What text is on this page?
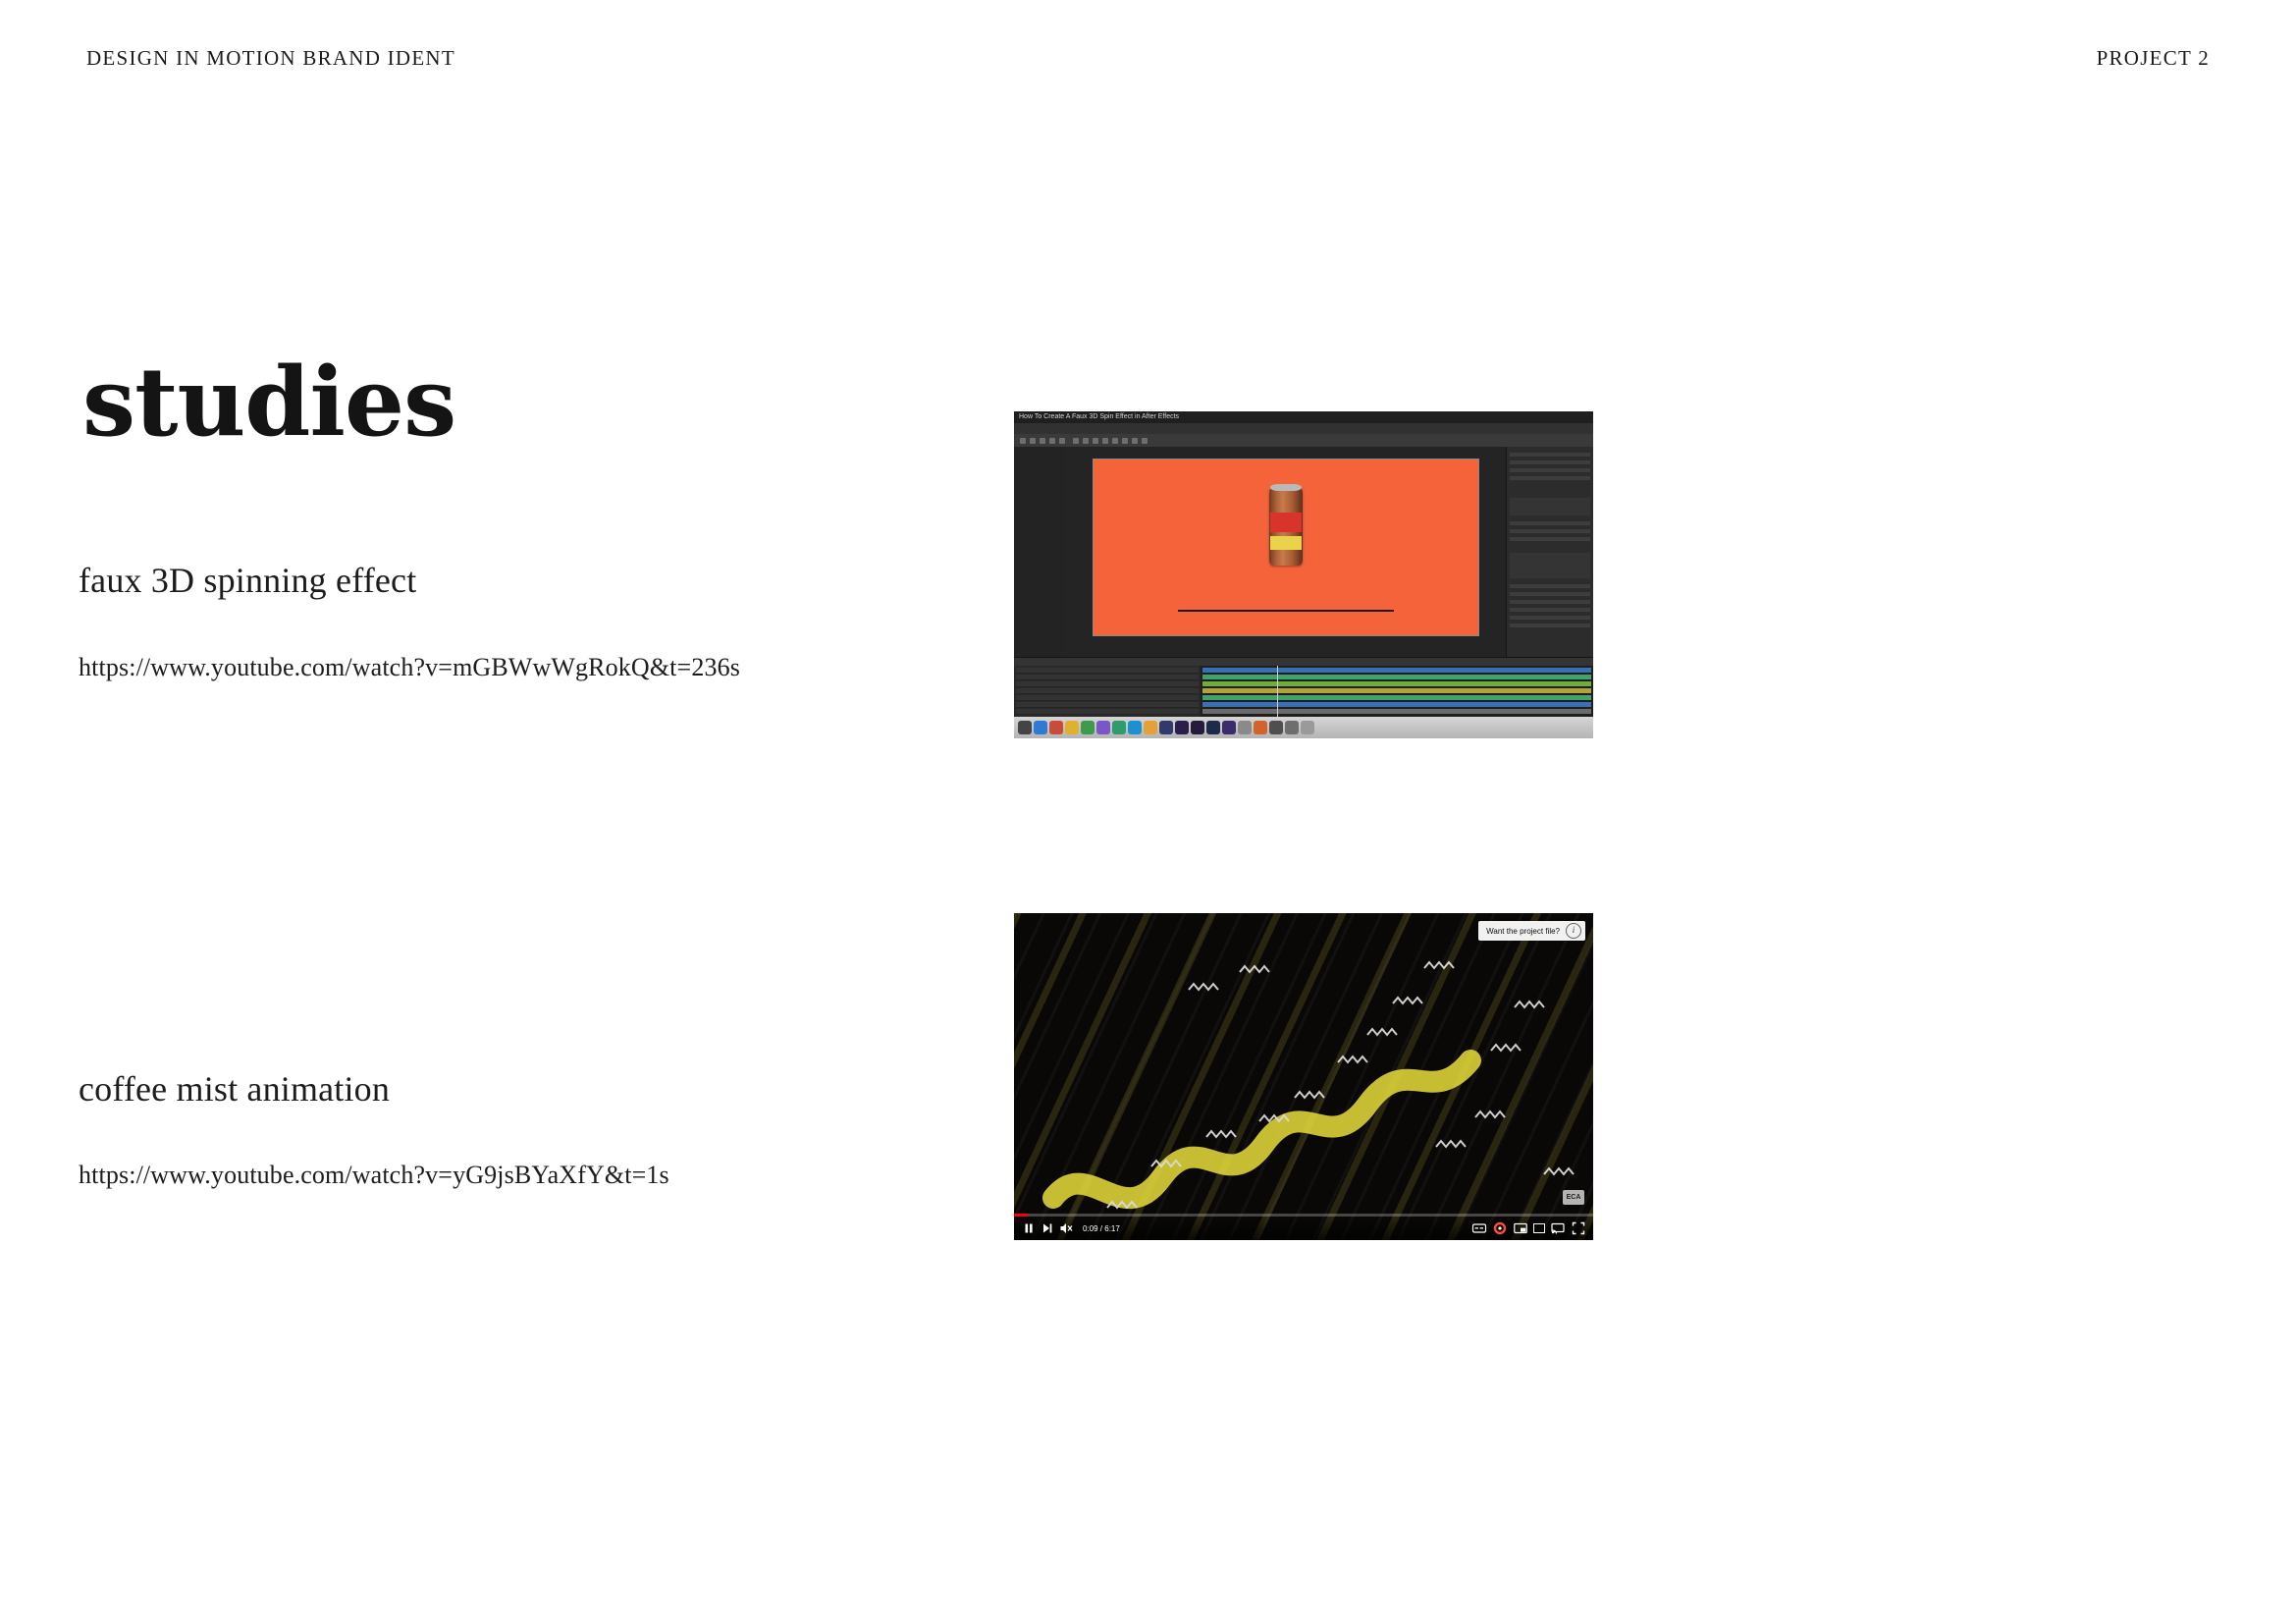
DESIGN IN MOTION BRAND IDENT	PROJECT 2
studies
faux 3D spinning effect
https://www.youtube.com/watch?v=mGBWwWgRokQ&t=236s
coffee mist animation
https://www.youtube.com/watch?v=yG9jsBYaXfY&t=1s
How To Create A Faux 3D Spin Effect in After Effects
Want the project file?	i
ECA
0:09 / 6:17
